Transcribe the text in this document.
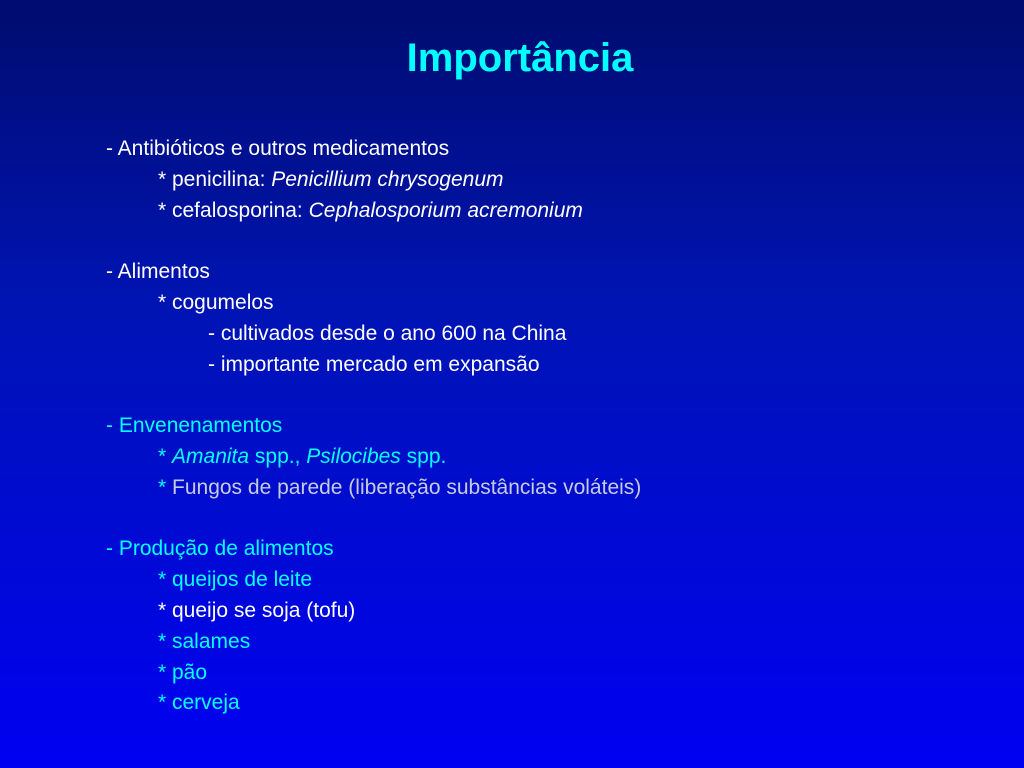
Importância
- Antibióticos e outros medicamentos
* penicilina: Penicillium chrysogenum
* cefalosporina: Cephalosporium acremonium
- Alimentos
* cogumelos
- cultivados desde o ano 600 na China
- importante mercado em expansão
- Envenenamentos
* Amanita spp., Psilocibes spp.
* Fungos de parede (liberação substâncias voláteis)
- Produção de alimentos
* queijos de leite
* queijo se soja (tofu)
* salames
* pão
* cerveja
